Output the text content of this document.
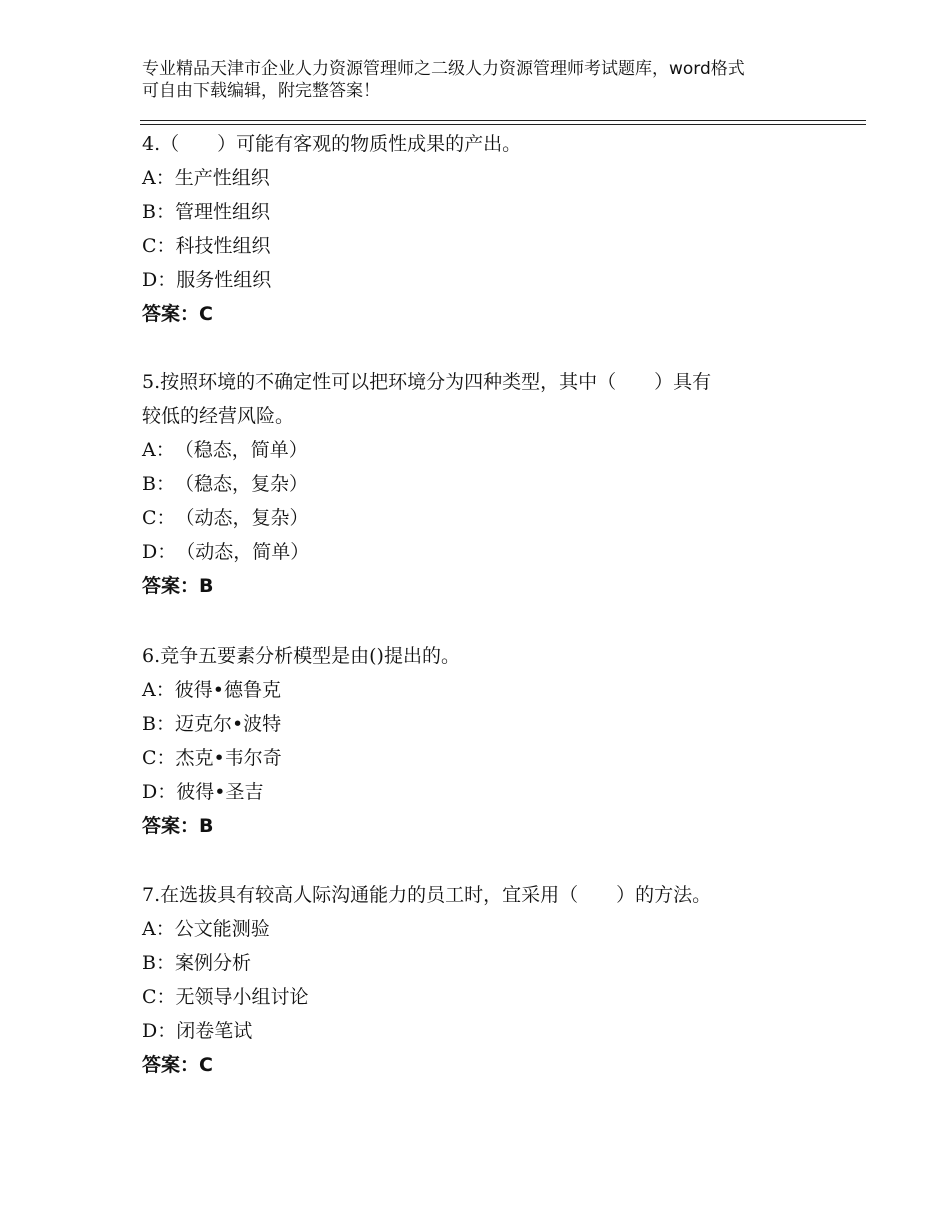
专业精品天津市企业人力资源管理师之二级人力资源管理师考试题库，word格式
可自由下载编辑，附完整答案！

4.（　　）可能有客观的物质性成果的产出。

A： 生产性组织
B： 管理性组织
C： 科技性组织
D： 服务性组织
答案： C

5.按照环境的不确定性可以把环境分为四种类型，其中（　　）具有
较低的经营风险。

A： （稳态，简单）
B： （稳态，复杂）
C： （动态，复杂）
D： （动态，简单）
答案： B

6.竞争五要素分析模型是由()提出的。

A： 彼得•德鲁克
B： 迈克尔•波特
C： 杰克•韦尔奇
D： 彼得•圣吉
答案： B

7.在选拔具有较高人际沟通能力的员工时，宜采用（　　）的方法。

A： 公文能测验
B： 案例分析
C： 无领导小组讨论
D： 闭卷笔试
答案： C
